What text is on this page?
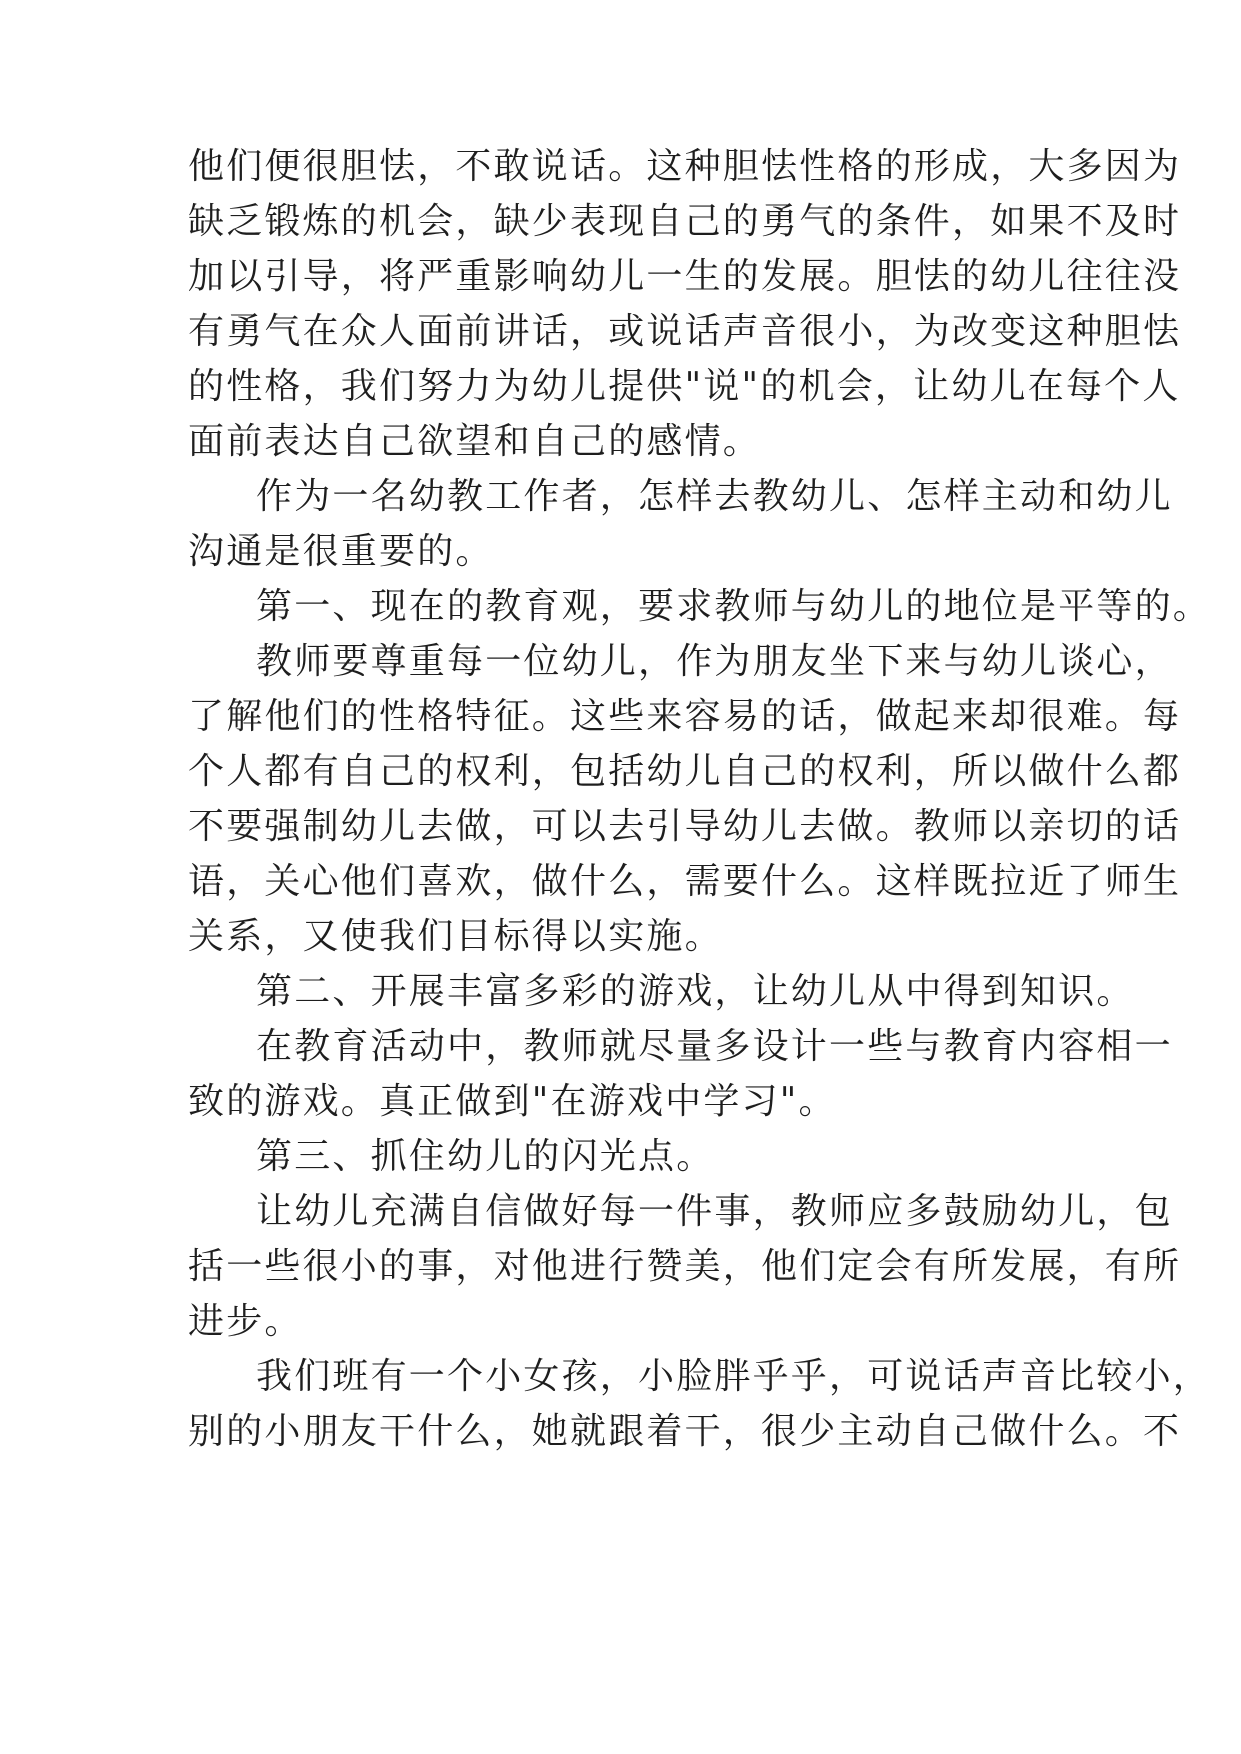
他们便很胆怯，不敢说话。这种胆怯性格的形成，大多因为
缺乏锻炼的机会，缺少表现自己的勇气的条件，如果不及时
加以引导，将严重影响幼儿一生的发展。胆怯的幼儿往往没
有勇气在众人面前讲话，或说话声音很小，为改变这种胆怯
的性格，我们努力为幼儿提供"说"的机会，让幼儿在每个人
面前表达自己欲望和自己的感情。
作为一名幼教工作者，怎样去教幼儿、怎样主动和幼儿
沟通是很重要的。
第一、现在的教育观，要求教师与幼儿的地位是平等的。
教师要尊重每一位幼儿，作为朋友坐下来与幼儿谈心，
了解他们的性格特征。这些来容易的话，做起来却很难。每
个人都有自己的权利，包括幼儿自己的权利，所以做什么都
不要强制幼儿去做，可以去引导幼儿去做。教师以亲切的话
语，关心他们喜欢，做什么，需要什么。这样既拉近了师生
关系，又使我们目标得以实施。
第二、开展丰富多彩的游戏，让幼儿从中得到知识。
在教育活动中，教师就尽量多设计一些与教育内容相一
致的游戏。真正做到"在游戏中学习"。
第三、抓住幼儿的闪光点。
让幼儿充满自信做好每一件事，教师应多鼓励幼儿，包
括一些很小的事，对他进行赞美，他们定会有所发展，有所
进步。
我们班有一个小女孩，小脸胖乎乎，可说话声音比较小，
别的小朋友干什么，她就跟着干，很少主动自己做什么。不
